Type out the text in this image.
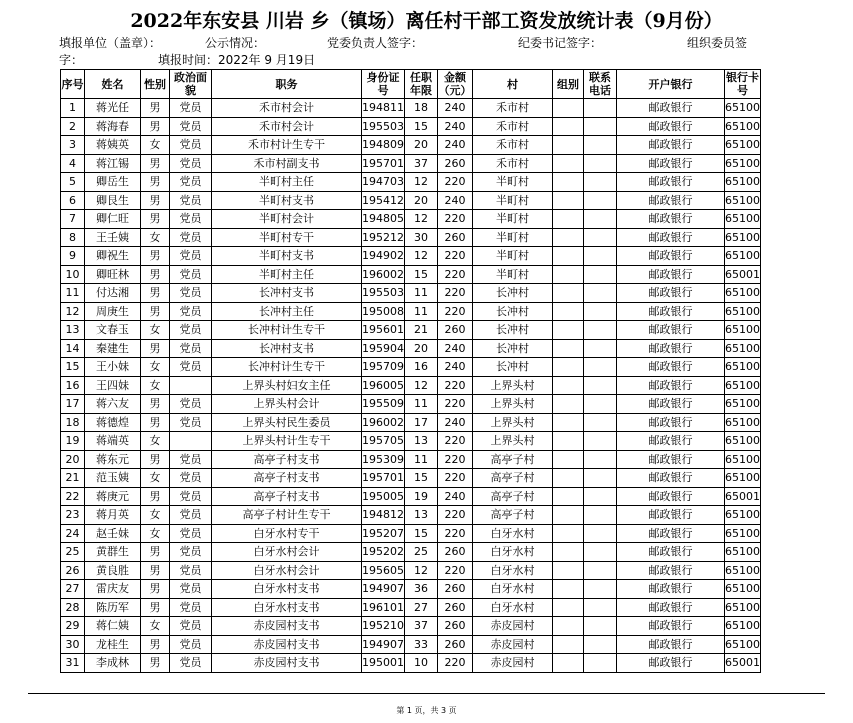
2022年东安县 川岩 乡（镇场）离任村干部工资发放统计表（9月份）
填报单位（盖章）：	公示情况：	党委负责人签字：	纪委书记签字：	组织委员签
字：	填报时间：2022年 9 月19日
序号	姓名	性别	政治面貌	职务	身份证号	任职年限	金额（元）	村	组别	联系电话	开户银行	银行卡号
1	蒋光任	男	党员	禾市村会计	194811	18	240	禾市村			邮政银行	65100
2	蒋海春	男	党员	禾市村会计	195503	15	240	禾市村			邮政银行	65100
3	蒋姨英	女	党员	禾市村计生专干	194809	20	240	禾市村			邮政银行	65100
4	蒋江锡	男	党员	禾市村副支书	195701	37	260	禾市村			邮政银行	65100
5	卿岳生	男	党员	半町村主任	194703	12	220	半町村			邮政银行	65100
6	卿艮生	男	党员	半町村支书	195412	20	240	半町村			邮政银行	65100
7	卿仁旺	男	党员	半町村会计	194805	12	220	半町村			邮政银行	65100
8	王壬姨	女	党员	半町村专干	195212	30	260	半町村			邮政银行	65100
9	卿祝生	男	党员	半町村支书	194902	12	220	半町村			邮政银行	65100
10	卿旺林	男	党员	半町村主任	196002	15	220	半町村			邮政银行	65001
11	付达湘	男	党员	长冲村支书	195503	11	220	长冲村			邮政银行	65100
12	周庚生	男	党员	长冲村主任	195008	11	220	长冲村			邮政银行	65100
13	文春玉	女	党员	长冲村计生专干	195601	21	260	长冲村			邮政银行	65100
14	秦建生	男	党员	长冲村支书	195904	20	240	长冲村			邮政银行	65100
15	王小妹	女	党员	长冲村计生专干	195709	16	240	长冲村			邮政银行	65100
16	王四妹	女		上界头村妇女主任	196005	12	220	上界头村			邮政银行	65100
17	蒋六友	男	党员	上界头村会计	195509	11	220	上界头村			邮政银行	65100
18	蒋德煌	男	党员	上界头村民生委员	196002	17	240	上界头村			邮政银行	65100
19	蒋端英	女		上界头村计生专干	195705	13	220	上界头村			邮政银行	65100
20	蒋东元	男	党员	高亭子村支书	195309	11	220	高亭子村			邮政银行	65100
21	范玉姨	女	党员	高亭子村支书	195701	15	220	高亭子村			邮政银行	65100
22	蒋庚元	男	党员	高亭子村支书	195005	19	240	高亭子村			邮政银行	65001
23	蒋月英	女	党员	高亭子村计生专干	194812	13	220	高亭子村			邮政银行	65100
24	赵壬妹	女	党员	白牙水村专干	195207	15	220	白牙水村			邮政银行	65100
25	黄群生	男	党员	白牙水村会计	195202	25	260	白牙水村			邮政银行	65100
26	黄良胜	男	党员	白牙水村会计	195605	12	220	白牙水村			邮政银行	65100
27	雷庆友	男	党员	白牙水村支书	194907	36	260	白牙水村			邮政银行	65100
28	陈历军	男	党员	白牙水村支书	196101	27	260	白牙水村			邮政银行	65100
29	蒋仁姨	女	党员	赤皮园村支书	195210	37	260	赤皮园村			邮政银行	65100
30	龙桂生	男	党员	赤皮园村支书	194907	33	260	赤皮园村			邮政银行	65100
31	李成林	男	党员	赤皮园村支书	195001	10	220	赤皮园村			邮政银行	65001
第 1 页，共 3 页
